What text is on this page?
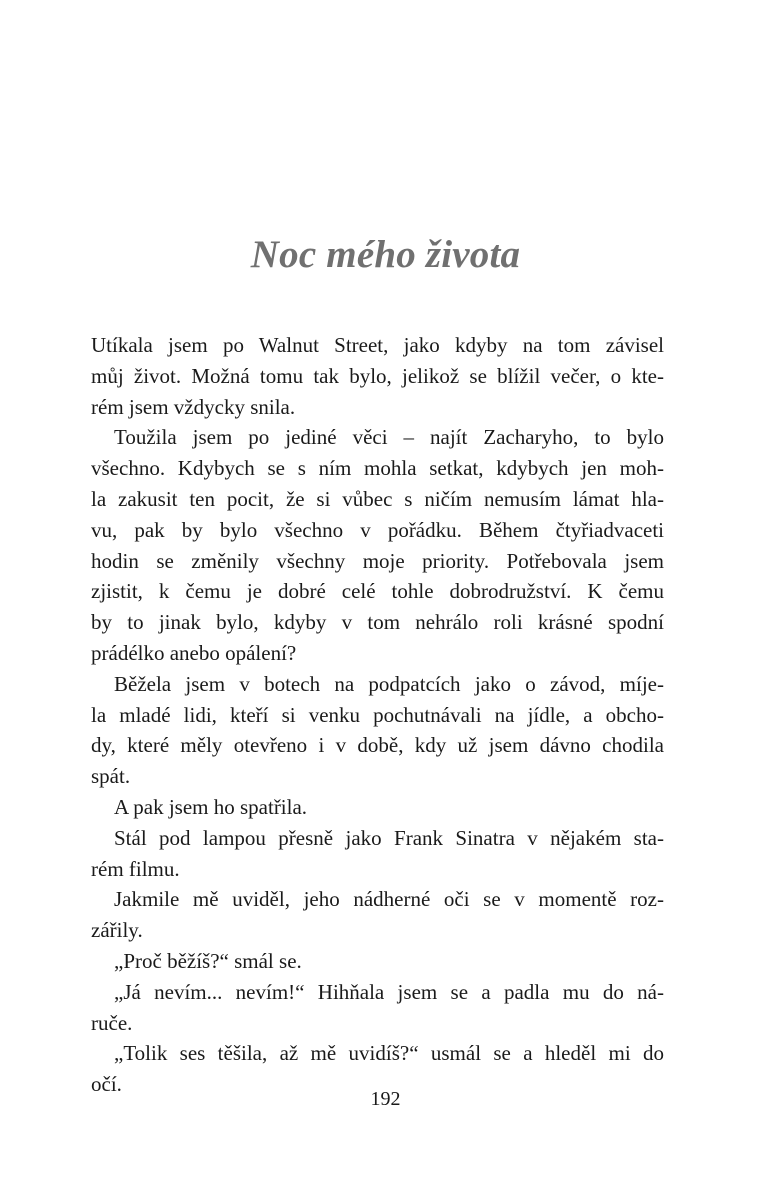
Noc mého života
Utíkala jsem po Walnut Street, jako kdyby na tom závisel
můj život. Možná tomu tak bylo, jelikož se blížil večer, o kte-
rém jsem vždycky snila.
Toužila jsem po jediné věci – najít Zacharyho, to bylo
všechno. Kdybych se s ním mohla setkat, kdybych jen moh-
la zakusit ten pocit, že si vůbec s ničím nemusím lámat hla-
vu, pak by bylo všechno v pořádku. Během čtyřiadvaceti
hodin se změnily všechny moje priority. Potřebovala jsem
zjistit, k čemu je dobré celé tohle dobrodružství. K čemu
by to jinak bylo, kdyby v tom nehrálo roli krásné spodní
prádélko anebo opálení?
Běžela jsem v botech na podpatcích jako o závod, míje-
la mladé lidi, kteří si venku pochutnávali na jídle, a obcho-
dy, které měly otevřeno i v době, kdy už jsem dávno chodila
spát.
A pak jsem ho spatřila.
Stál pod lampou přesně jako Frank Sinatra v nějakém sta-
rém filmu.
Jakmile mě uviděl, jeho nádherné oči se v momentě roz-
zářily.
„Proč běžíš?“ smál se.
„Já nevím... nevím!“ Hihňala jsem se a padla mu do ná-
ruče.
„Tolik ses těšila, až mě uvidíš?“ usmál se a hleděl mi do
očí.
192
